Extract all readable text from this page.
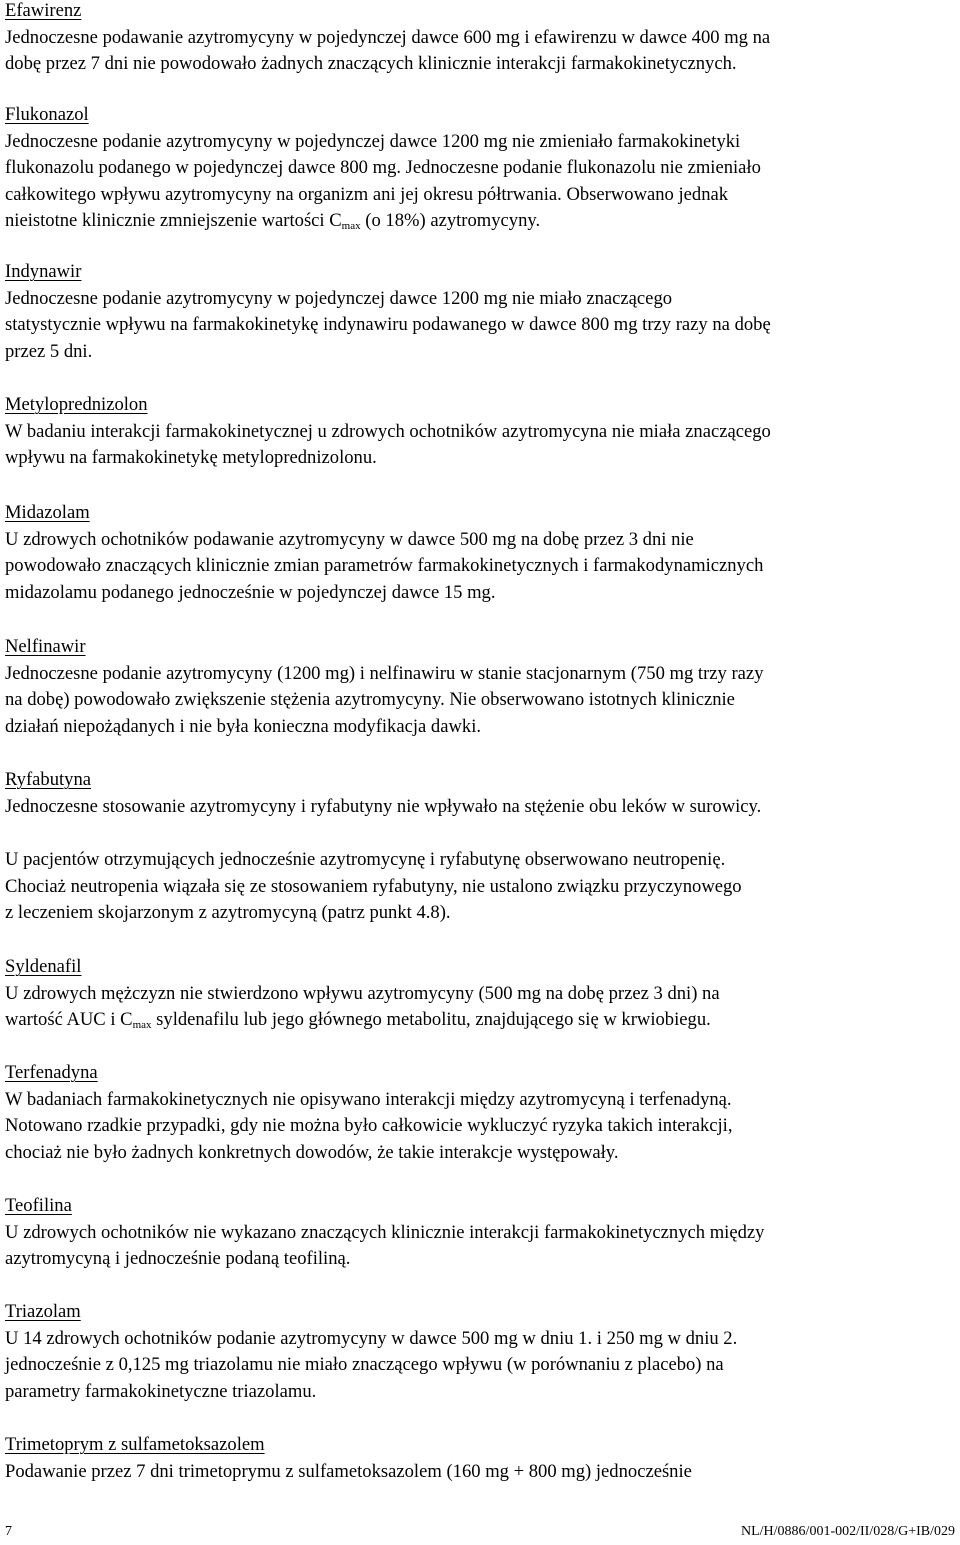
Efawirenz
Jednoczesne podawanie azytromycyny w pojedynczej dawce 600 mg i efawirenzu w dawce 400 mg na
dobę przez 7 dni nie powodowało żadnych znaczących klinicznie interakcji farmakokinetycznych.
Flukonazol
Jednoczesne podanie azytromycyny w pojedynczej dawce 1200 mg nie zmieniało farmakokinetyki
flukonazolu podanego w pojedynczej dawce 800 mg. Jednoczesne podanie flukonazolu nie zmieniało
całkowitego wpływu azytromycyny na organizm ani jej okresu półtrwania. Obserwowano jednak
nieistotne klinicznie zmniejszenie wartości $C_{max}$ (o 18%) azytromycyny.
Indynawir
Jednoczesne podanie azytromycyny w pojedynczej dawce 1200 mg nie miało znaczącego
statystycznie wpływu na farmakokinetykę indynawiru podawanego w dawce 800 mg trzy razy na dobę
przez 5 dni.
Metyloprednizolon
W badaniu interakcji farmakokinetycznej u zdrowych ochotników azytromycyna nie miała znaczącego
wpływu na farmakokinetykę metyloprednizolonu.
Midazolam
U zdrowych ochotników podawanie azytromycyny w dawce 500 mg na dobę przez 3 dni nie
powodowało znaczących klinicznie zmian parametrów farmakokinetycznych i farmakodynamicznych
midazolamu podanego jednocześnie w pojedynczej dawce 15 mg.
Nelfinawir
Jednoczesne podanie azytromycyny (1200 mg) i nelfinawiru w stanie stacjonarnym (750 mg trzy razy
na dobę) powodowało zwiększenie stężenia azytromycyny. Nie obserwowano istotnych klinicznie
działań niepożądanych i nie była konieczna modyfikacja dawki.
Ryfabutyna
Jednoczesne stosowanie azytromycyny i ryfabutyny nie wpływało na stężenie obu leków w surowicy.
U pacjentów otrzymujących jednocześnie azytromycynę i ryfabutynę obserwowano neutropenię.
Chociaż neutropenia wiązała się ze stosowaniem ryfabutyny, nie ustalono związku przyczynowego
z leczeniem skojarzonym z azytromycyną (patrz punkt 4.8).
Syldenafil
U zdrowych mężczyzn nie stwierdzono wpływu azytromycyny (500 mg na dobę przez 3 dni) na
wartość AUC i $C_{max}$ syldenafilu lub jego głównego metabolitu, znajdującego się w krwiobiegu.
Terfenadyna
W badaniach farmakokinetycznych nie opisywano interakcji między azytromycyną i terfenadyną.
Notowano rzadkie przypadki, gdy nie można było całkowicie wykluczyć ryzyka takich interakcji,
chociaż nie było żadnych konkretnych dowodów, że takie interakcje występowały.
Teofilina
U zdrowych ochotników nie wykazano znaczących klinicznie interakcji farmakokinetycznych między
azytromycyną i jednocześnie podaną teofiliną.
Triazolam
U 14 zdrowych ochotników podanie azytromycyny w dawce 500 mg w dniu 1. i 250 mg w dniu 2.
jednocześnie z 0,125 mg triazolamu nie miało znaczącego wpływu (w porównaniu z placebo) na
parametry farmakokinetyczne triazolamu.
Trimetoprym z sulfametoksazolem
Podawanie przez 7 dni trimetoprymu z sulfametoksazolem (160 mg + 800 mg) jednocześnie
7	NL/H/0886/001-002/II/028/G+IB/029
